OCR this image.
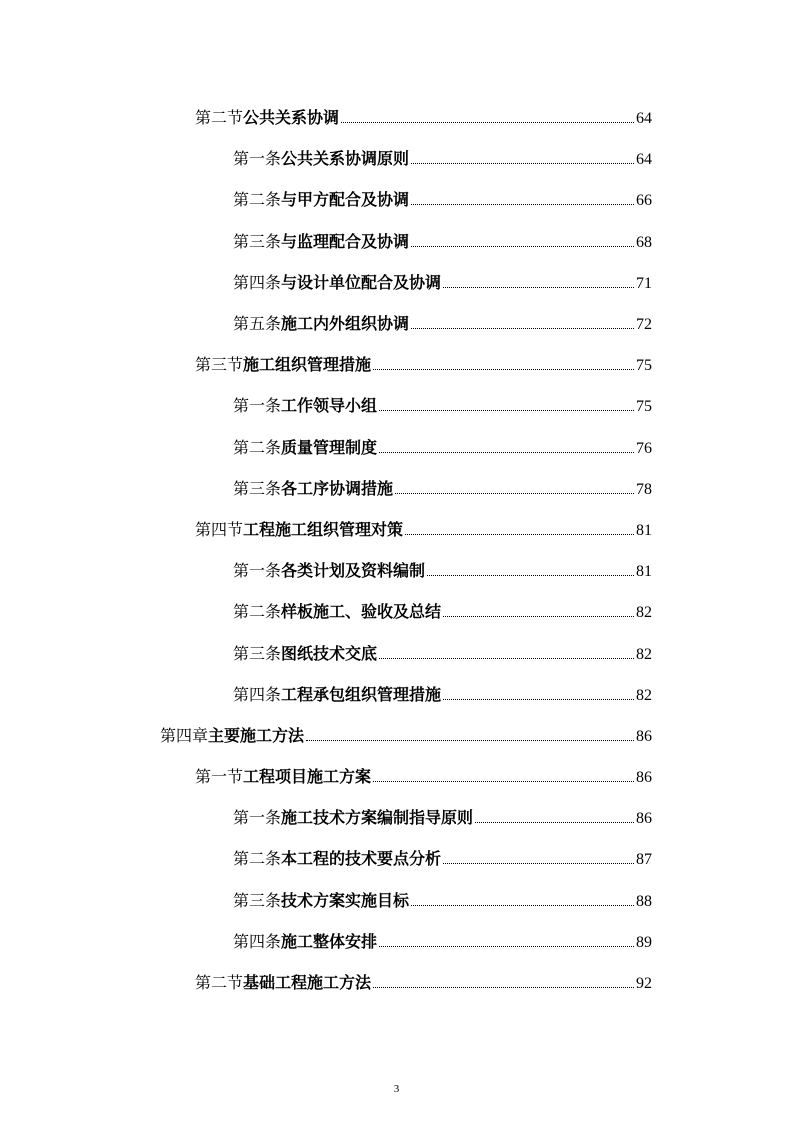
第二节公共关系协调	64
第一条公共关系协调原则	64
第二条与甲方配合及协调	66
第三条与监理配合及协调	68
第四条与设计单位配合及协调	71
第五条施工内外组织协调	72
第三节施工组织管理措施	75
第一条工作领导小组	75
第二条质量管理制度	76
第三条各工序协调措施	78
第四节工程施工组织管理对策	81
第一条各类计划及资料编制	81
第二条样板施工、验收及总结	82
第三条图纸技术交底	82
第四条工程承包组织管理措施	82
第四章主要施工方法	86
第一节工程项目施工方案	86
第一条施工技术方案编制指导原则	86
第二条本工程的技术要点分析	87
第三条技术方案实施目标	88
第四条施工整体安排	89
第二节基础工程施工方法	92
3
